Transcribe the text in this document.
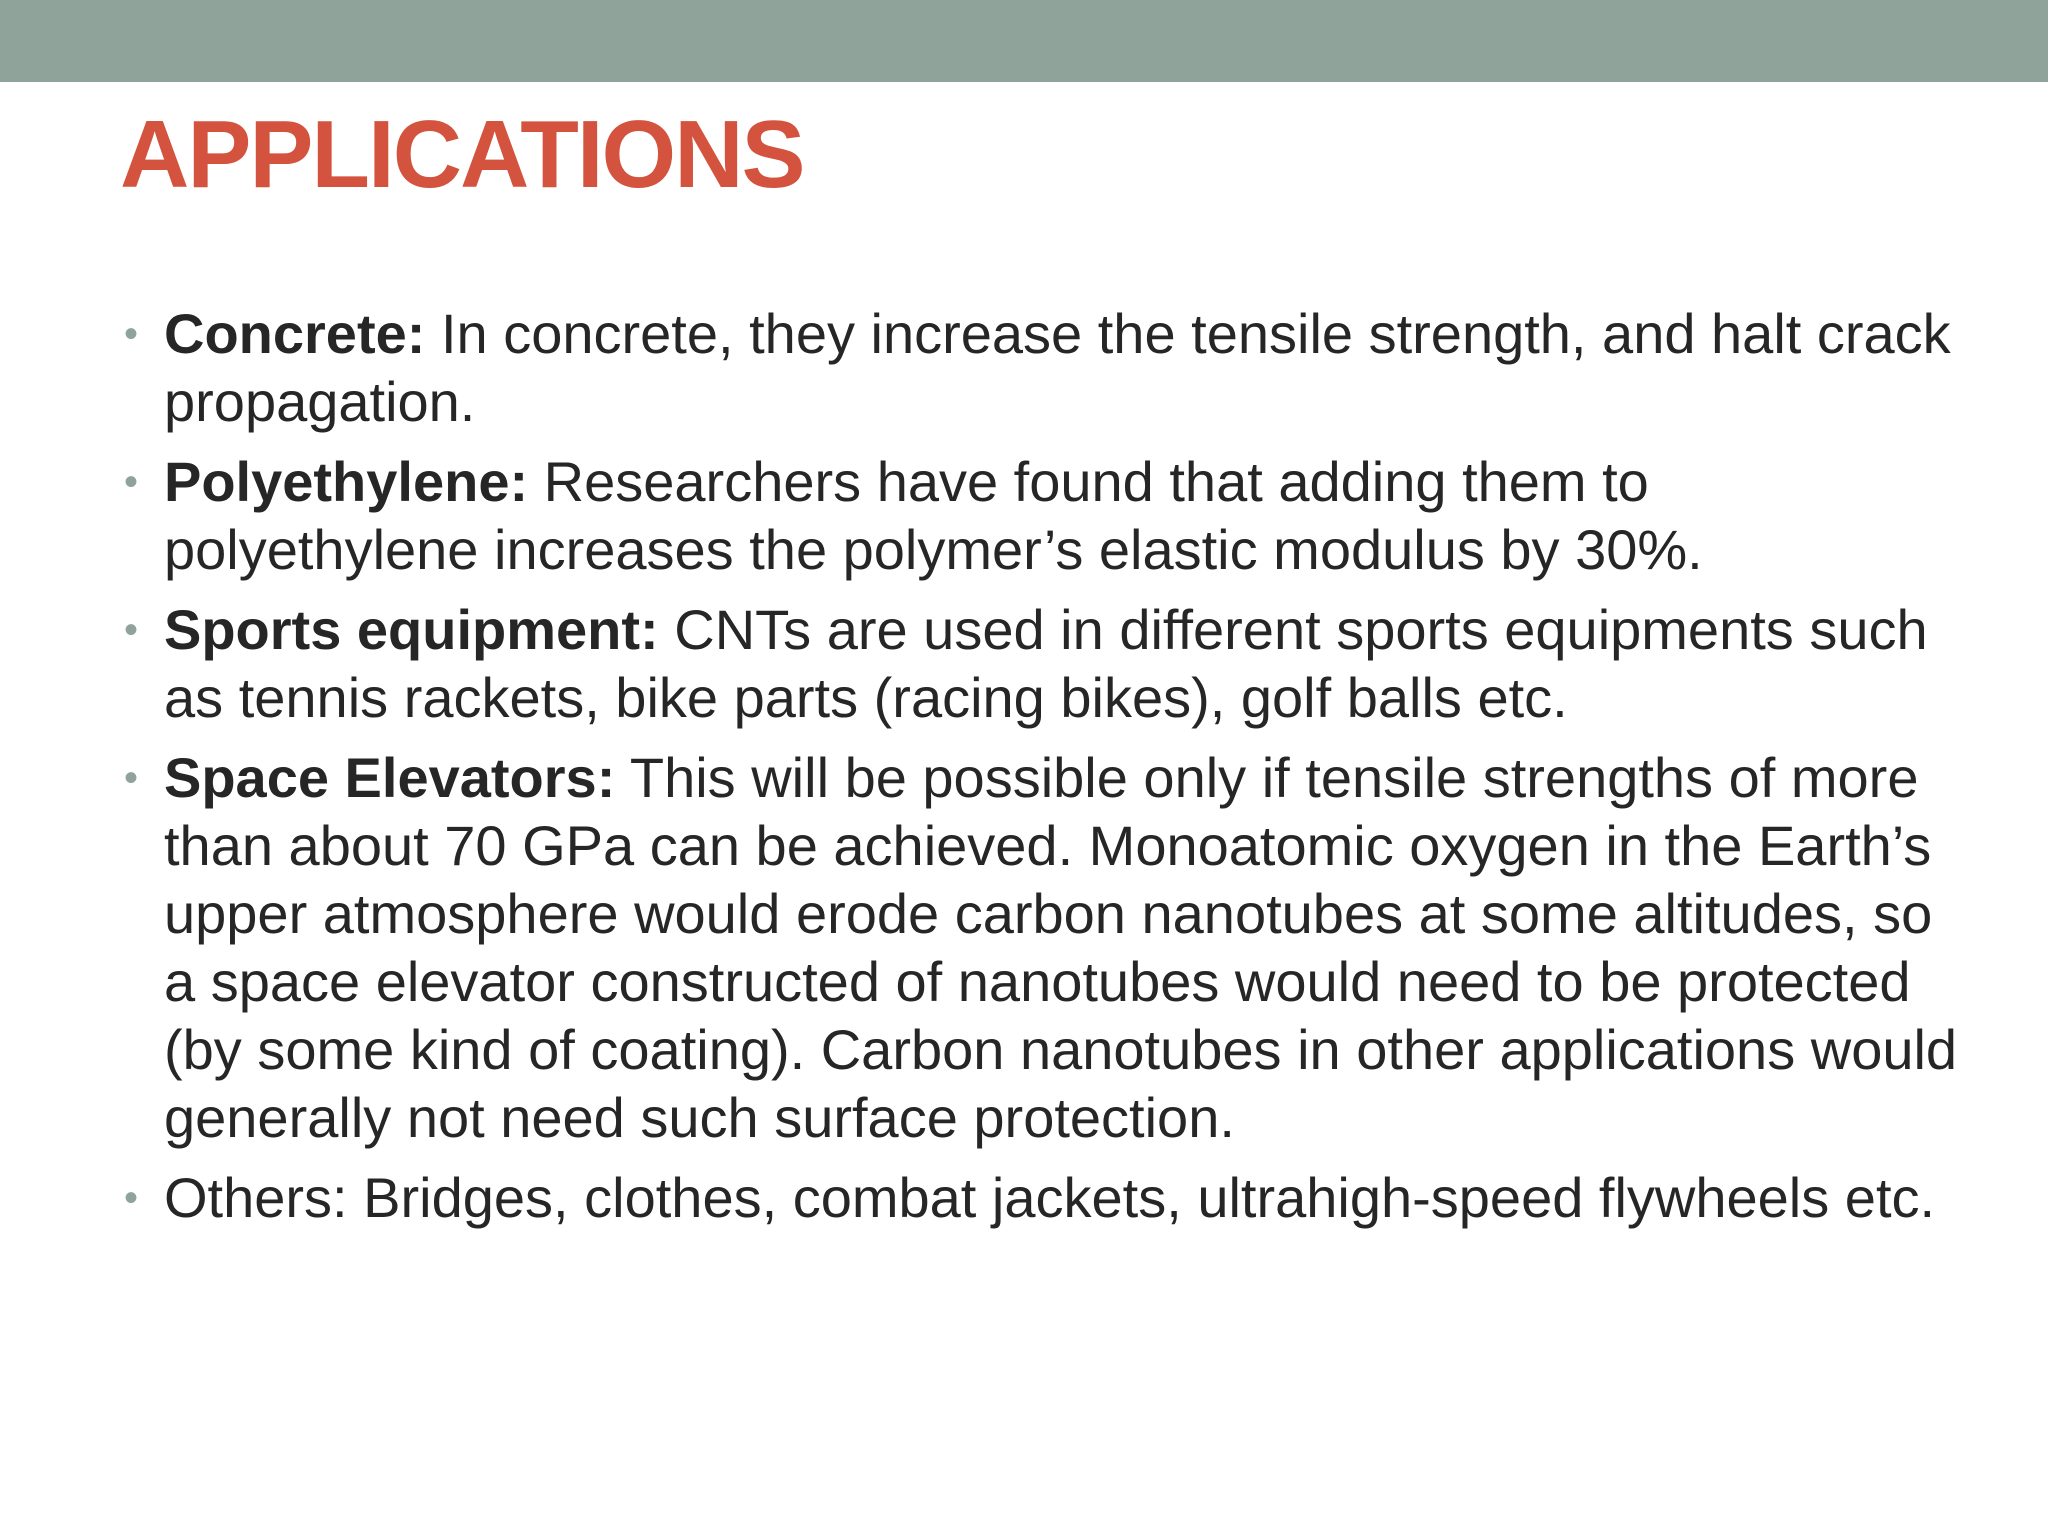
APPLICATIONS
• Concrete: In concrete, they increase the tensile strength, and halt crack propagation.
• Polyethylene: Researchers have found that adding them to polyethylene increases the polymer’s elastic modulus by 30%.
• Sports equipment: CNTs are used in different sports equipments such as tennis rackets, bike parts (racing bikes), golf balls etc.
• Space Elevators: This will be possible only if tensile strengths of more than about 70 GPa can be achieved. Monoatomic oxygen in the Earth’s upper atmosphere would erode carbon nanotubes at some altitudes, so a space elevator constructed of nanotubes would need to be protected (by some kind of coating). Carbon nanotubes in other applications would generally not need such surface protection.
• Others: Bridges, clothes, combat jackets, ultrahigh-speed flywheels etc.
